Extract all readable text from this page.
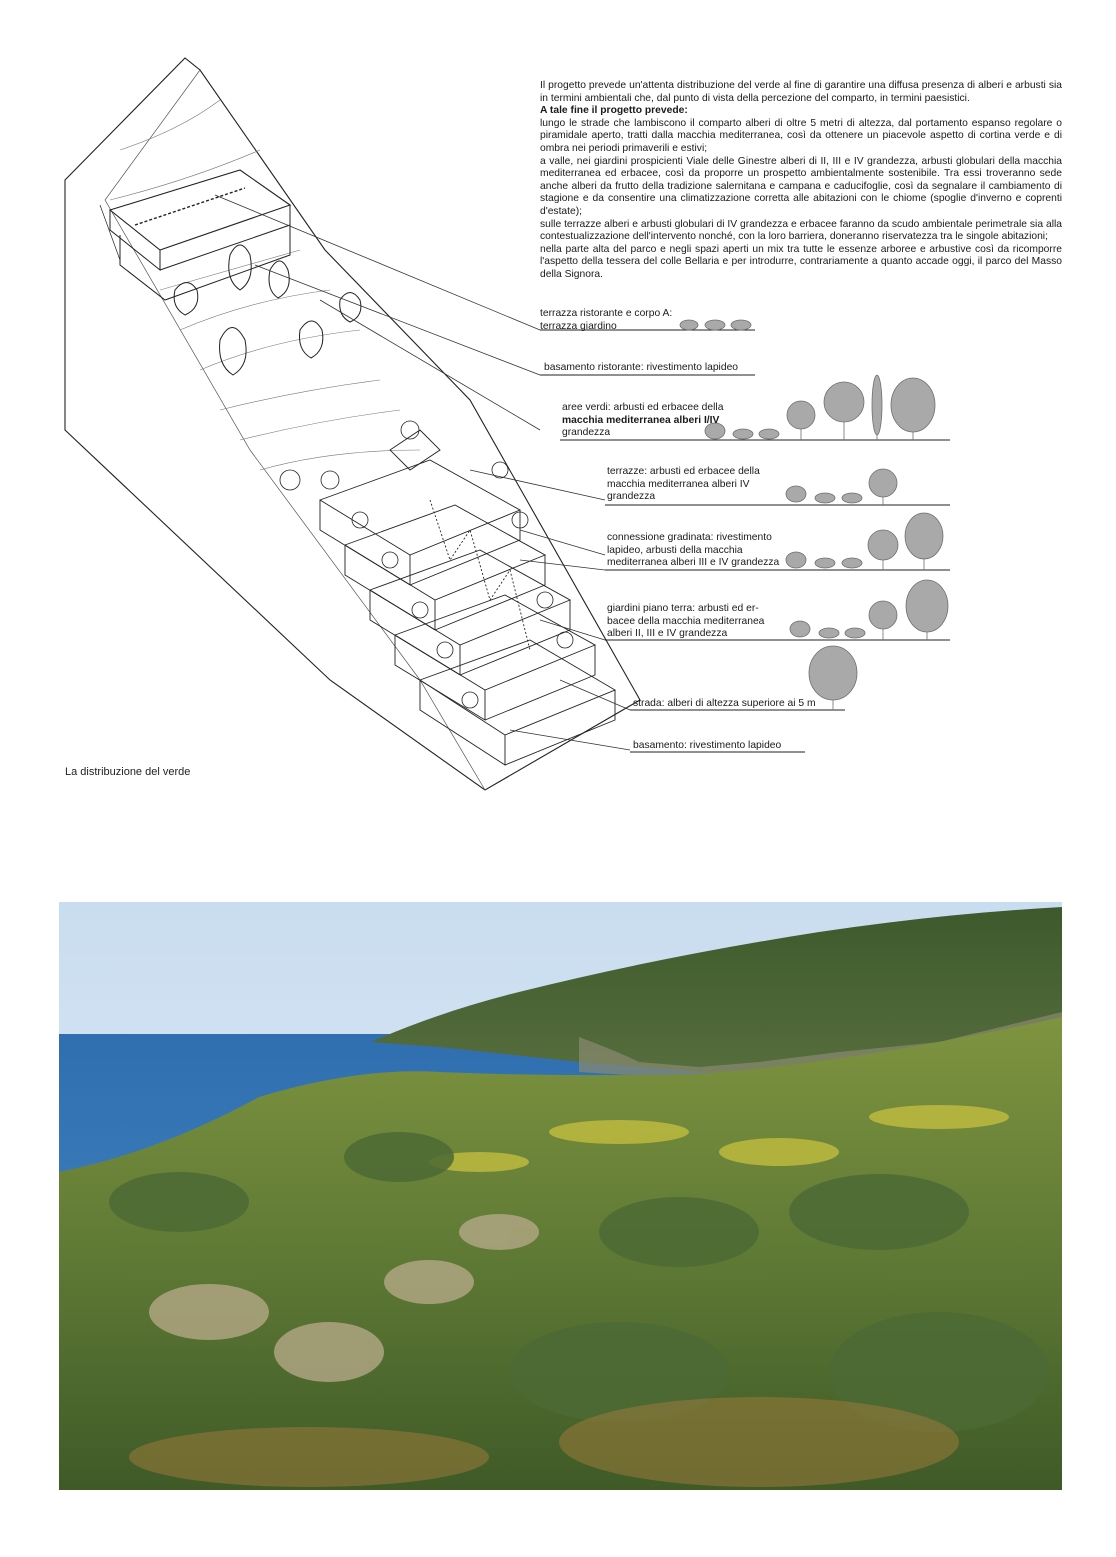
Il progetto prevede un'attenta distribuzione del verde al fine di garantire una diffusa presenza di alberi e arbusti sia in termini ambientali che, dal punto di vista della percezione del comparto, in termini paesistici.

A tale fine il progetto prevede:

lungo le strade che lambiscono il comparto alberi di oltre 5 metri di altezza, dal portamento espanso regolare o piramidale aperto, tratti dalla macchia mediterranea, così da ottenere un piacevole aspetto di cortina verde e di ombra nei periodi primaverili e estivi;

a valle, nei giardini prospicienti Viale delle Ginestre alberi di II, III e IV grandezza, arbusti globulari della macchia mediterranea ed erbacee, così da proporre un prospetto ambientalmente sostenibile. Tra essi troveranno sede anche alberi da frutto della tradizione salernitana e campana e caducifoglie, così da segnalare il cambiamento di stagione e da consentire una climatizzazione corretta alle abitazioni con le chiome (spoglie d'inverno e coprenti d'estate);

sulle terrazze alberi e arbusti globulari di IV grandezza e erbacee faranno da scudo ambientale perimetrale sia alla contestualizzazione dell'intervento nonché, con la loro barriera, doneranno riservatezza tra le singole abitazioni;

nella parte alta del parco e negli spazi aperti un mix tra tutte le essenze arboree e arbustive così da ricomporre l'aspetto della tessera del colle Bellaria e per introdurre, contrariamente a quanto accade oggi, il parco del Masso della Signora.

terrazza ristorante e corpo A:
terrazza giardino
basamento ristorante: rivestimento lapideo
aree verdi: arbusti ed erbacee della
macchia mediterranea alberi I/IV
grandezza
terrazze: arbusti ed erbacee della
macchia mediterranea alberi IV
grandezza
connessione gradinata: rivestimento
lapideo, arbusti della macchia
mediterranea alberi III e IV grandezza
giardini piano terra: arbusti ed er-
bacee della macchia mediterranea
alberi II, III e IV grandezza
strada: alberi di altezza superiore ai 5 m
basamento: rivestimento lapideo
La distribuzione del verde
